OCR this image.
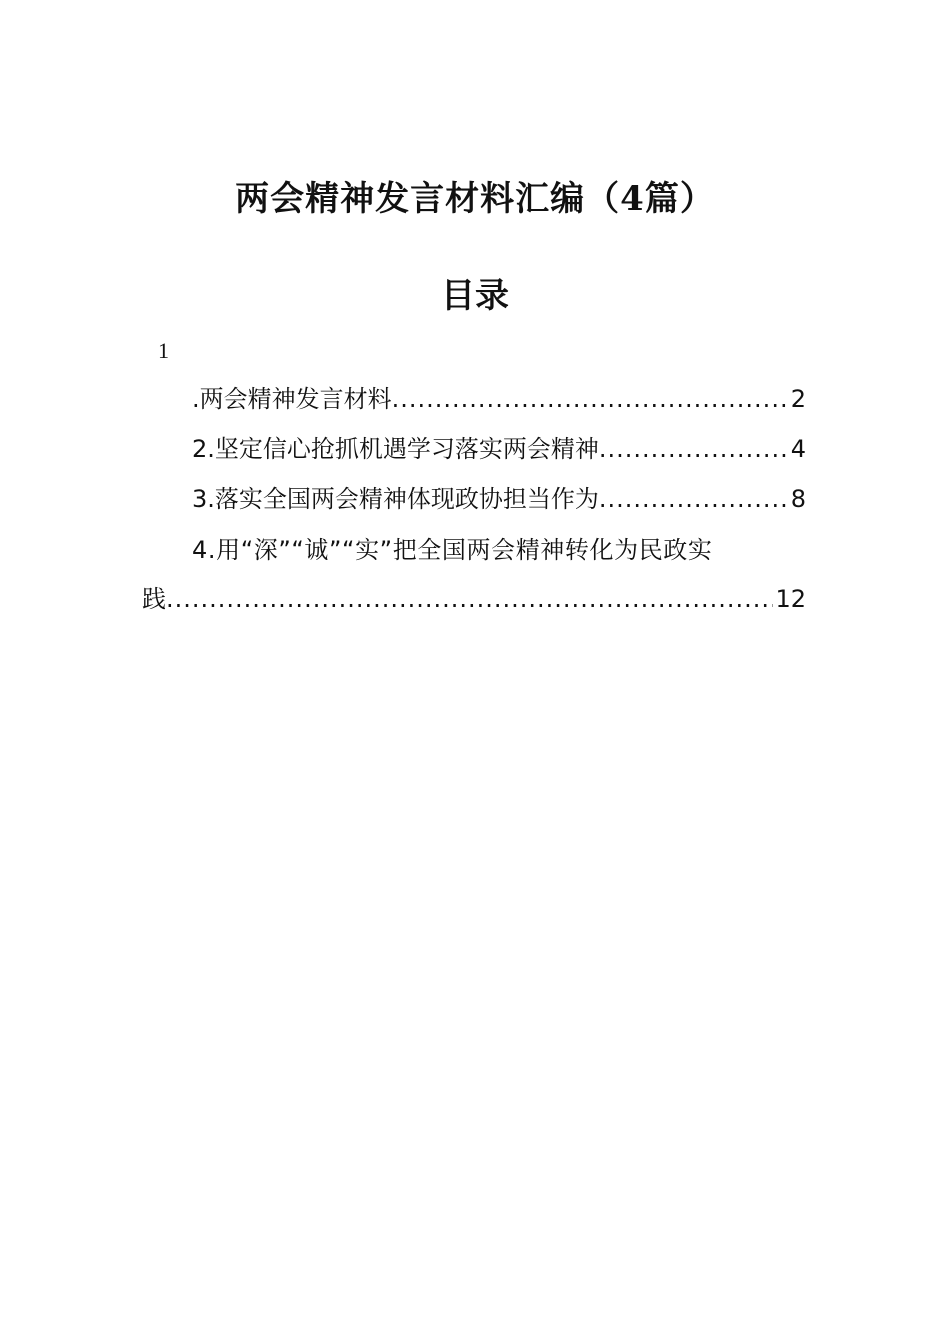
两会精神发言材料汇编（4篇）
目录
1
.两会精神发言材料 .....	2
2.坚定信心抢抓机遇学习落实两会精神 .....	4
3.落实全国两会精神体现政协担当作为 .....	8
4.用“深”“诚”“实”把全国两会精神转化为民政实
践 .....	12
